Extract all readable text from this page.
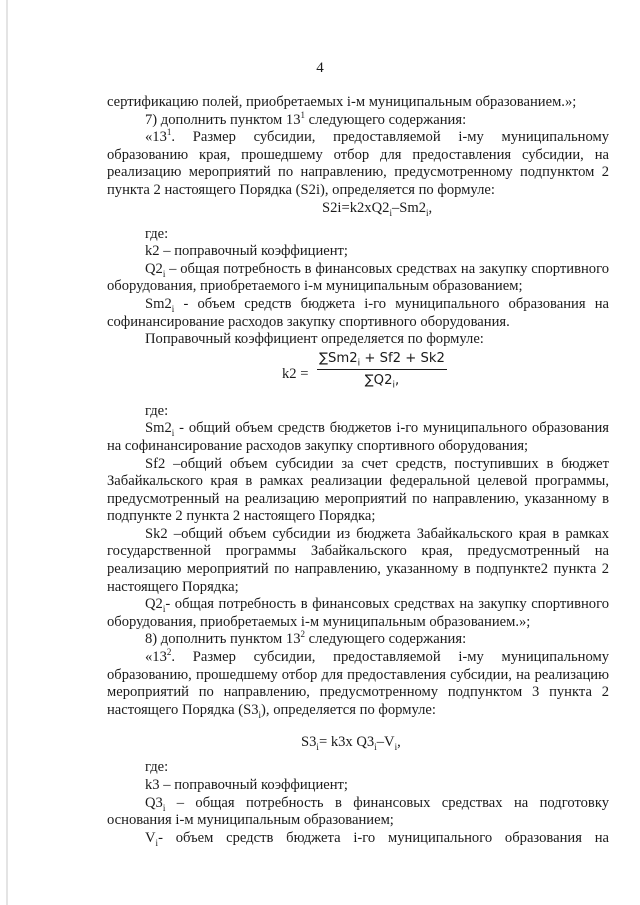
4

сертификацию полей, приобретаемых i-м муниципальным образованием.»;

7) дополнить пунктом $13^1$ следующего содержания:

«$13^1$. Размер субсидии, предоставляемой i-му муниципальному образованию края, прошедшему отбор для предоставления субсидии, на реализацию мероприятий по направлению, предусмотренному подпунктом 2 пункта 2 настоящего Порядка (S2i), определяется по формуле:

$S2i=k2xQ2_i-Sm2_i$,

где:

k2 – поправочный коэффициент;

$Q2_i$ – общая потребность в финансовых средствах на закупку спортивного оборудования, приобретаемого i-м муниципальным образованием;

$Sm2_i$ - объем средств бюджета i-го муниципального образования на софинансирование расходов закупку спортивного оборудования.

Поправочный коэффициент определяется по формуле:

k2 =
$\sum Sm2_i + Sf2 + Sk2$
$\sum Q2_i$,

где:

$Sm2_i$ - общий объем средств бюджетов i-го муниципального образования на софинансирование расходов закупку спортивного оборудования;

Sf2 –общий объем субсидии за счет средств, поступивших в бюджет Забайкальского края в рамках реализации федеральной целевой программы, предусмотренный на реализацию мероприятий по направлению, указанному в подпункте 2 пункта 2 настоящего Порядка;

Sk2 –общий объем субсидии из бюджета Забайкальского края в рамках государственной программы Забайкальского края, предусмотренный на реализацию мероприятий по направлению, указанному в подпункте2 пункта 2 настоящего Порядка;

$Q2_i-$ общая потребность в финансовых средствах на закупку спортивного оборудования, приобретаемых i-м муниципальным образованием.»;

8) дополнить пунктом $13^2$ следующего содержания:

«$13^2$. Размер субсидии, предоставляемой i-му муниципальному образованию, прошедшему отбор для предоставления субсидии, на реализацию мероприятий по направлению, предусмотренному подпунктом 3 пункта 2 настоящего Порядка $(S3_i)$, определяется по формуле:

$S3_i= k3x$ $Q3_i-V_i$,

где:

k3 – поправочный коэффициент;

$Q3_i$ – общая потребность в финансовых средствах на подготовку основания i-м муниципальным образованием;

$V_i-$ объем средств бюджета i-го муниципального образования на
